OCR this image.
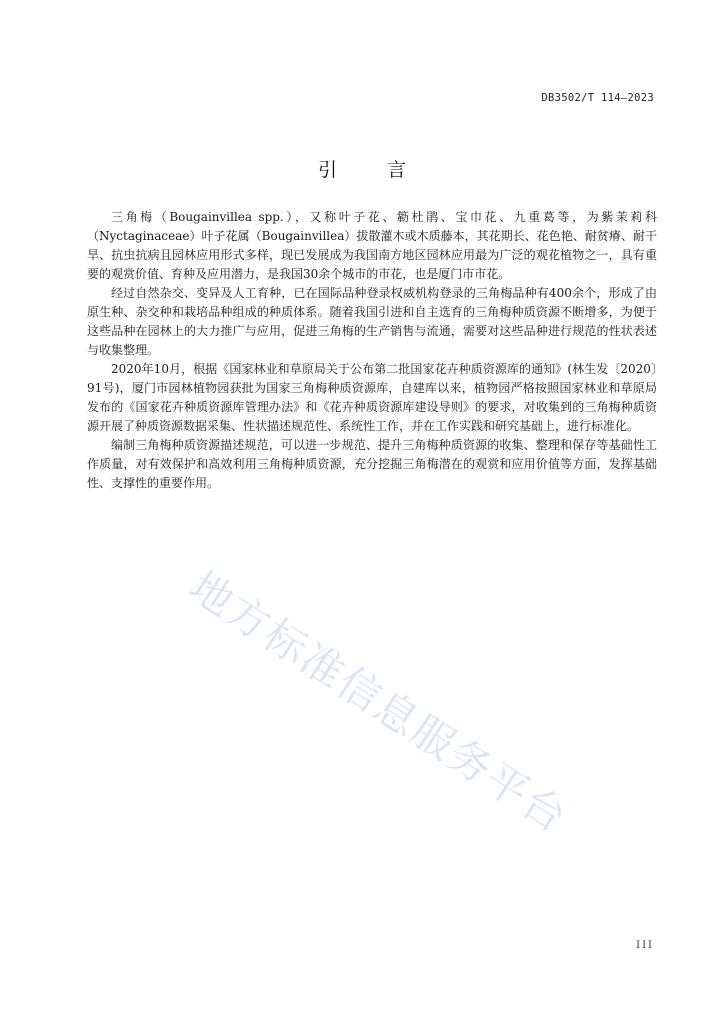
DB3502/T 114—2023
引 言

三角梅（Bougainvillea spp.），又称叶子花、簕杜鹃、宝巾花、九重葛等，为紫茉莉科（Nyctaginaceae）叶子花属（Bougainvillea）拔散灌木或木质藤本，其花期长、花色艳、耐贫瘠、耐干旱、抗虫抗病且园林应用形式多样，现已发展成为我国南方地区园林应用最为广泛的观花植物之一，具有重要的观赏价值、育种及应用潜力，是我国30余个城市的市花，也是厦门市市花。

经过自然杂交、变异及人工育种，已在国际品种登录权威机构登录的三角梅品种有400余个，形成了由原生种、杂交种和栽培品种组成的种质体系。随着我国引进和自主选育的三角梅种质资源不断增多，为便于这些品种在园林上的大力推广与应用，促进三角梅的生产销售与流通，需要对这些品种进行规范的性状表述与收集整理。

2020年10月，根据《国家林业和草原局关于公布第二批国家花卉种质资源库的通知》(林生发〔2020〕91号)，厦门市园林植物园获批为国家三角梅种质资源库，自建库以来，植物园严格按照国家林业和草原局发布的《国家花卉种质资源库管理办法》和《花卉种质资源库建设导则》的要求，对收集到的三角梅种质资源开展了种质资源数据采集、性状描述规范性、系统性工作，并在工作实践和研究基础上，进行标准化。

编制三角梅种质资源描述规范，可以进一步规范、提升三角梅种质资源的收集、整理和保存等基础性工作质量，对有效保护和高效利用三角梅种质资源，充分挖掘三角梅潜在的观赏和应用价值等方面，发挥基础性、支撑性的重要作用。

地方标准信息服务平台
III
